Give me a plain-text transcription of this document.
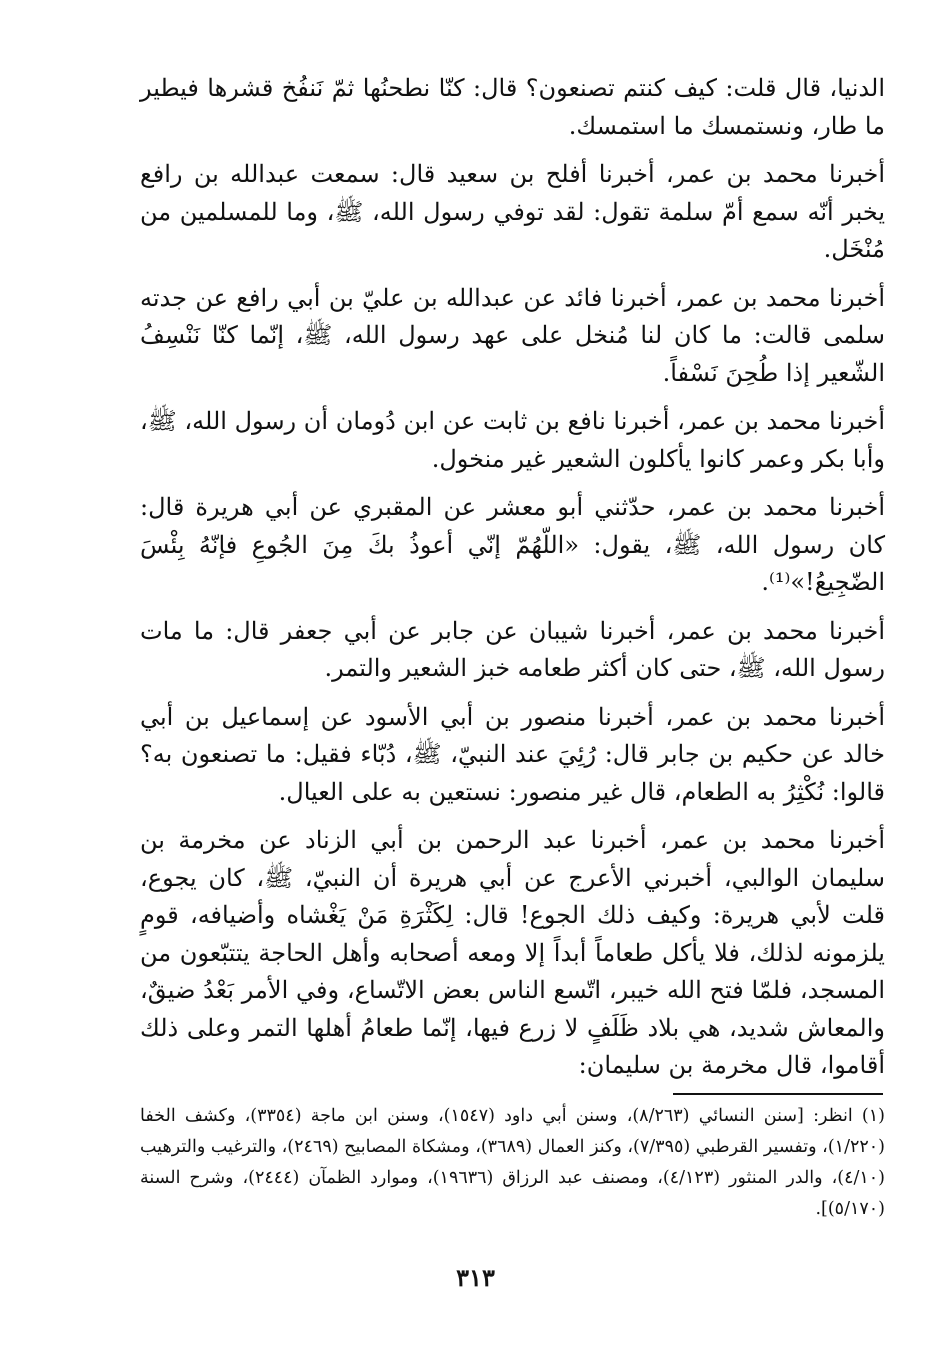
الدنيا، قال قلت: كيف كنتم تصنعون؟ قال: كنّا نطحنُها ثمّ نَنفُخ قشرها فيطير ما طار، ونستمسك ما استمسك.

أخبرنا محمد بن عمر، أخبرنا أفلح بن سعيد قال: سمعت عبدالله بن رافع يخبر أنّه سمع أمّ سلمة تقول: لقد توفي رسول الله، ﷺ، وما للمسلمين من مُنْخَل.

أخبرنا محمد بن عمر، أخبرنا فائد عن عبدالله بن عليّ بن أبي رافع عن جدته سلمى قالت: ما كان لنا مُنخل على عهد رسول الله، ﷺ، إنّما كنّا نَنْسِفُ الشّعير إذا طُحِنَ نَسْفاً.

أخبرنا محمد بن عمر، أخبرنا نافع بن ثابت عن ابن دُومان أن رسول الله، ﷺ، وأبا بكر وعمر كانوا يأكلون الشعير غير منخول.

أخبرنا محمد بن عمر، حدّثني أبو معشر عن المقبري عن أبي هريرة قال: كان رسول الله، ﷺ، يقول: «اللّهُمّ إنّي أعوذُ بكَ مِنَ الجُوعِ فإنّهُ بِئْسَ الضّجِيعُ!»⁽¹⁾.

أخبرنا محمد بن عمر، أخبرنا شيبان عن جابر عن أبي جعفر قال: ما مات رسول الله، ﷺ، حتى كان أكثر طعامه خبز الشعير والتمر.

أخبرنا محمد بن عمر، أخبرنا منصور بن أبي الأسود عن إسماعيل بن أبي خالد عن حكيم بن جابر قال: رُئِيَ عند النبيّ، ﷺ، دُبّاء فقيل: ما تصنعون به؟ قالوا: نُكْثِرُ به الطعام، قال غير منصور: نستعين به على العيال.

أخبرنا محمد بن عمر، أخبرنا عبد الرحمن بن أبي الزناد عن مخرمة بن سليمان الوالبي، أخبرني الأعرج عن أبي هريرة أن النبيّ، ﷺ، كان يجوع، قلت لأبي هريرة: وكيف ذلك الجوع! قال: لِكَثْرَةِ مَنْ يَغْشاه وأضيافه، قومٍ يلزمونه لذلك، فلا يأكل طعاماً أبداً إلا ومعه أصحابه وأهل الحاجة يتتبّعون من المسجد، فلمّا فتح الله خيبر، اتّسع الناس بعض الاتّساع، وفي الأمر بَعْدُ ضيقٌ، والمعاش شديد، هي بلاد ظَلَفٍ لا زرع فيها، إنّما طعامُ أهلها التمر وعلى ذلك أقاموا، قال مخرمة بن سليمان:

(١) انظر: [سنن النسائي (٨/٢٦٣)، وسنن أبي داود (١٥٤٧)، وسنن ابن ماجة (٣٣٥٤)، وكشف الخفا (١/٢٢٠)، وتفسير القرطبي (٧/٣٩٥)، وكنز العمال (٣٦٨٩)، ومشكاة المصابيح (٢٤٦٩)، والترغيب والترهيب (٤/١٠)، والدر المنثور (٤/١٢٣)، ومصنف عبد الرزاق (١٩٦٣٦)، وموارد الظمآن (٢٤٤٤)، وشرح السنة (٥/١٧٠)].

٣١٣
